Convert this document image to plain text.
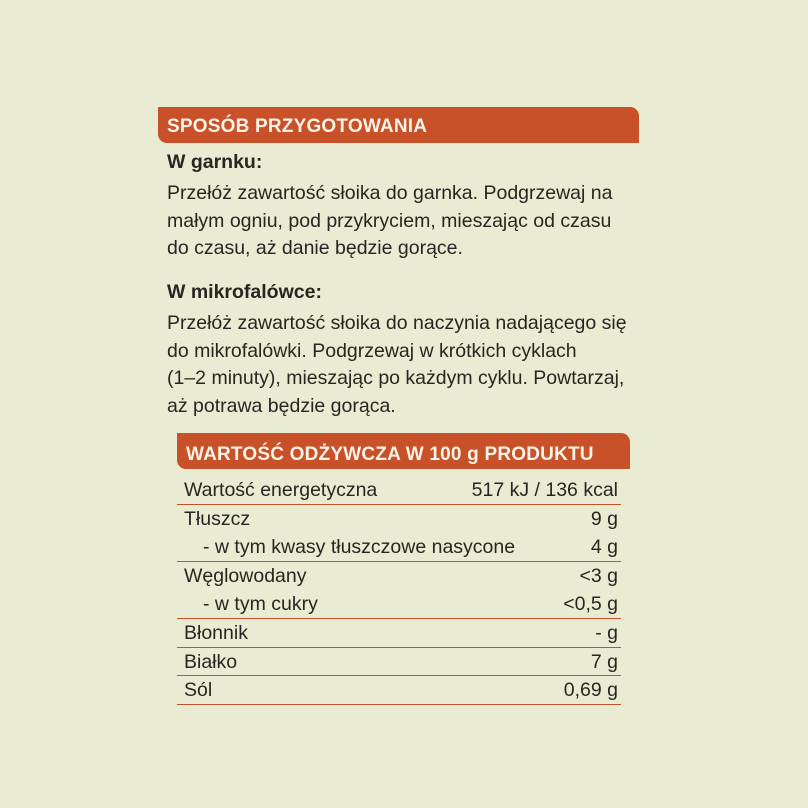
SPOSÓB PRZYGOTOWANIA
W garnku:
Przełóż zawartość słoika do garnka. Podgrzewaj na
małym ogniu, pod przykryciem, mieszając od czasu
do czasu, aż danie będzie gorące.
W mikrofalówce:
Przełóż zawartość słoika do naczynia nadającego się
do mikrofalówki. Podgrzewaj w krótkich cyklach
(1–2 minuty), mieszając po każdym cyklu. Powtarzaj,
aż potrawa będzie gorąca.
WARTOŚĆ ODŻYWCZA W 100 g PRODUKTU
Wartość energetyczna	517 kJ / 136 kcal
Tłuszcz	9 g
- w tym kwasy tłuszczowe nasycone	4 g
Węglowodany	<3 g
- w tym cukry	<0,5 g
Błonnik	- g
Białko	7 g
Sól	0,69 g
